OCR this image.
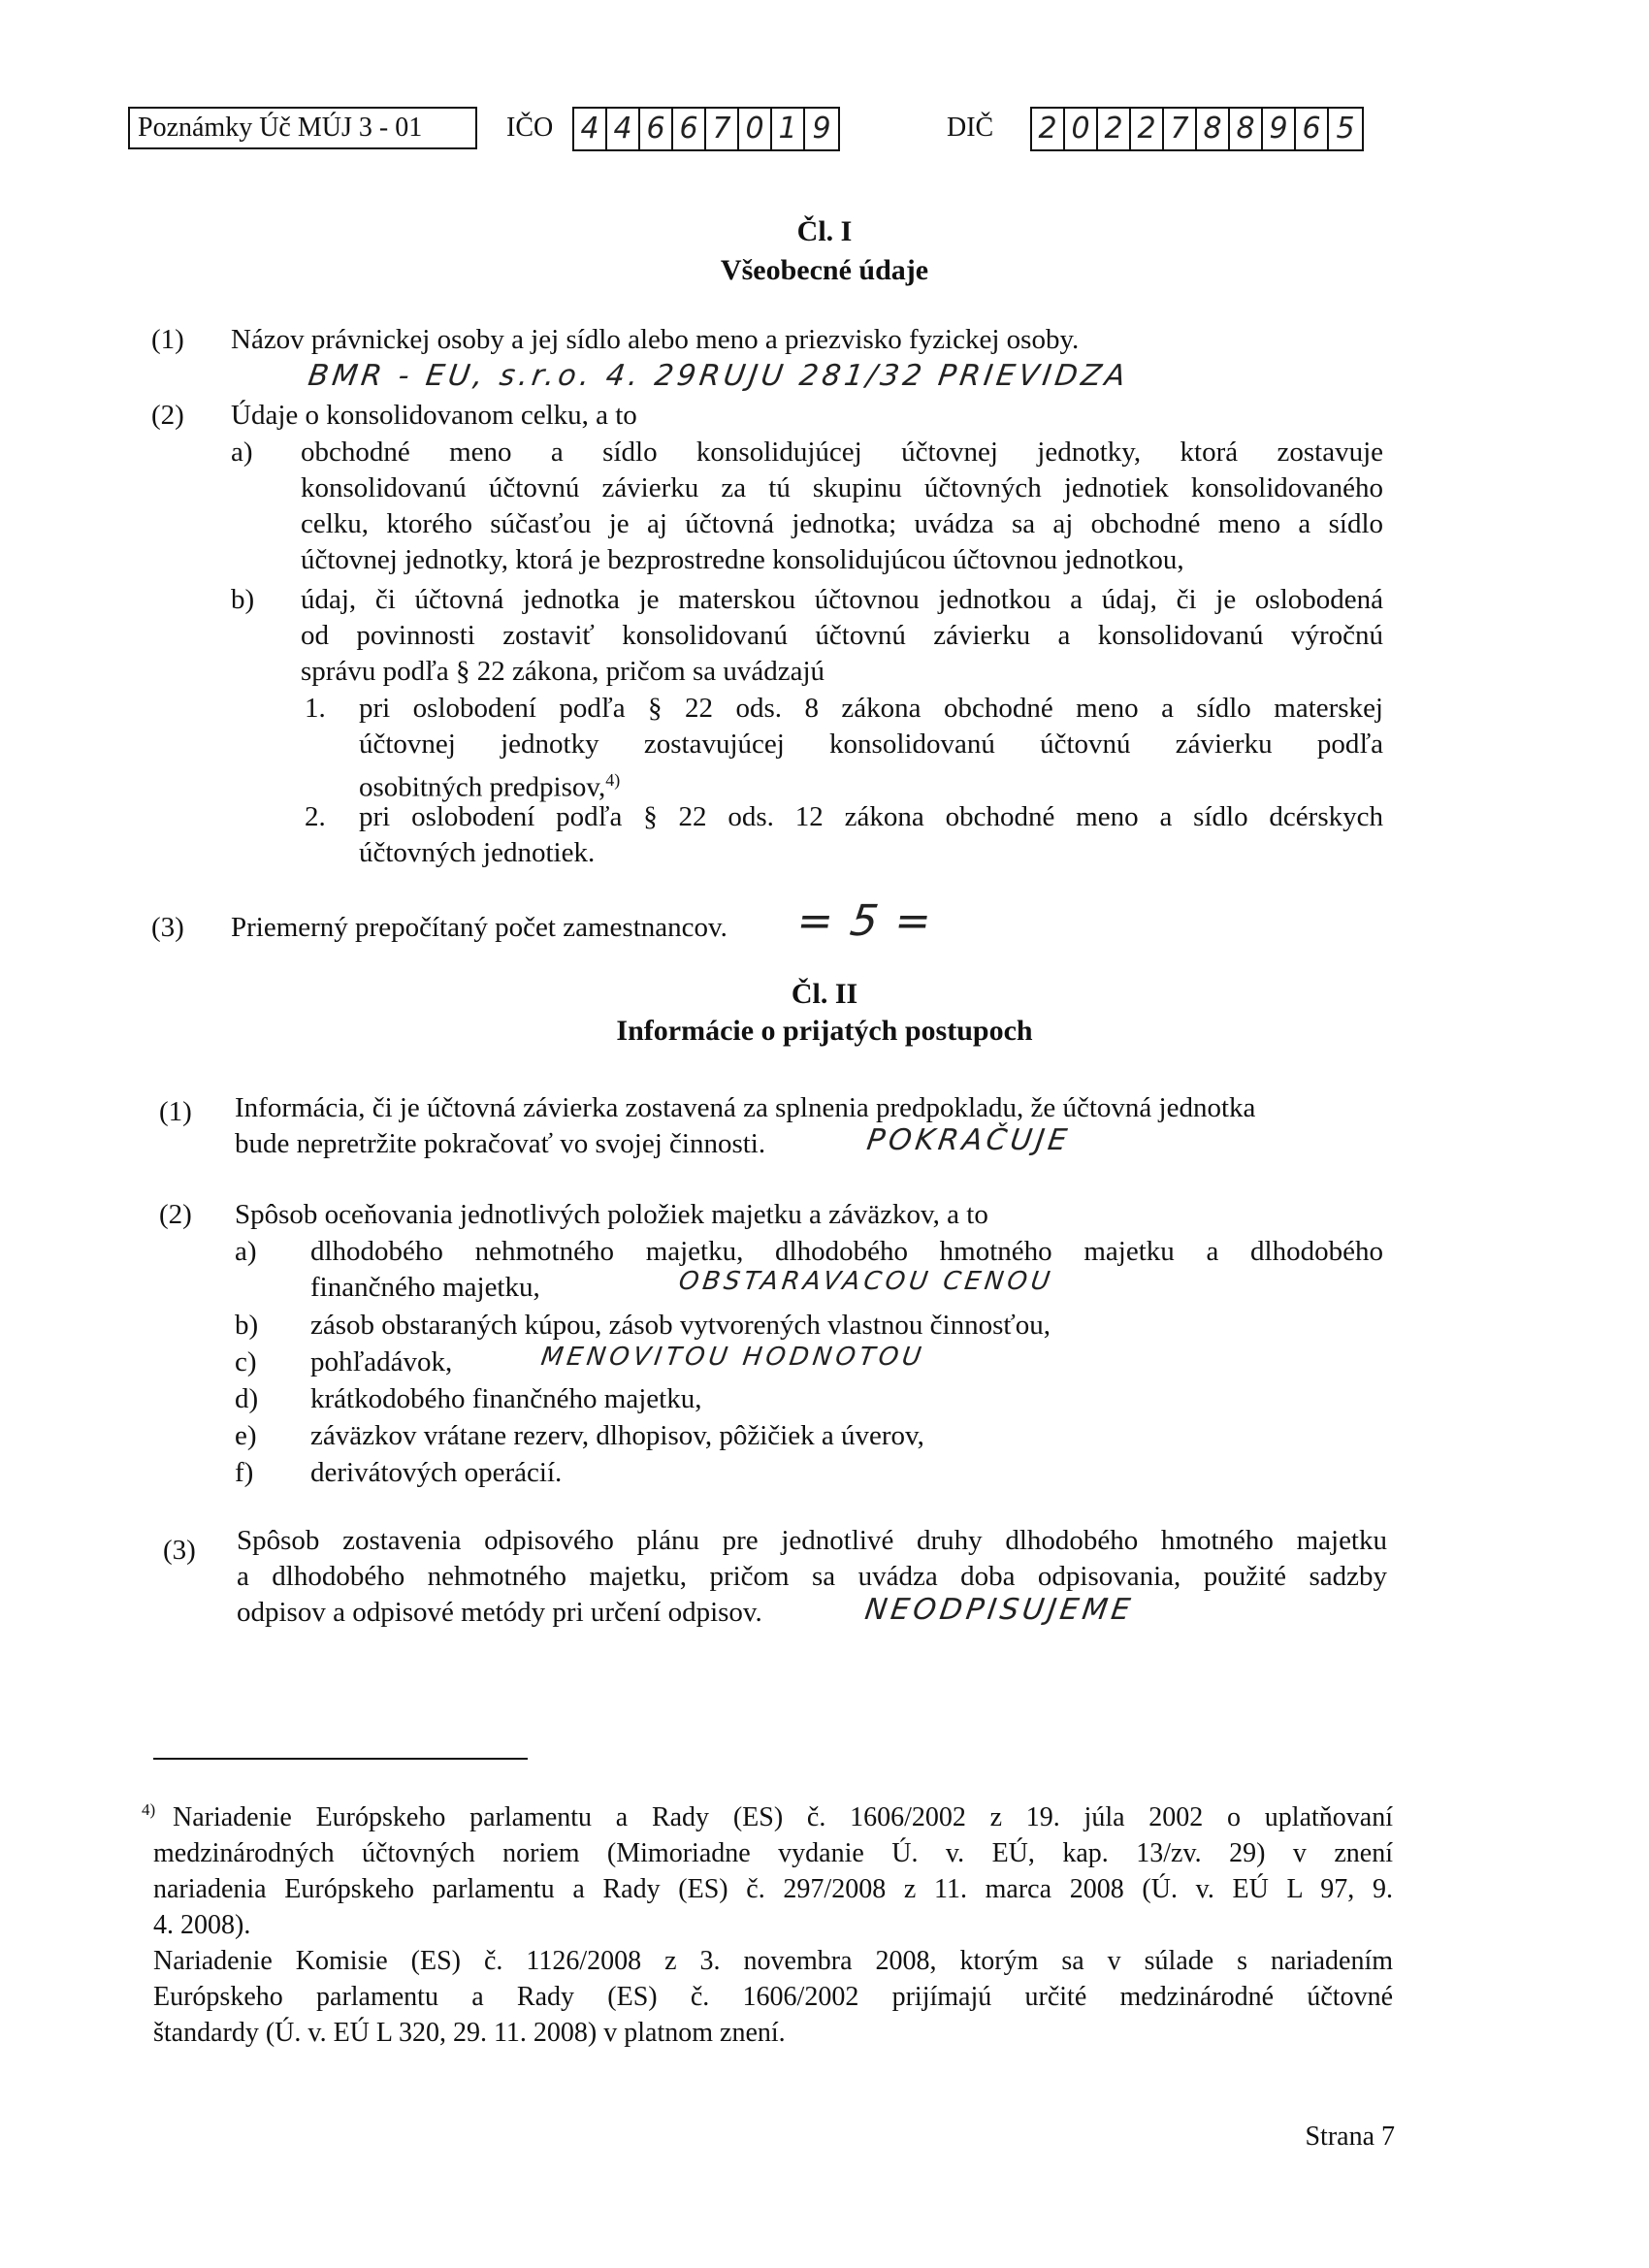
Poznámky Úč MÚJ 3 - 01	IČO 4 4 6 6 7 0 1 9	DIČ 2 0 2 2 7 8 8 9 6 5
Čl. I
Všeobecné údaje
(1) Názov právnickej osoby a jej sídlo alebo meno a priezvisko fyzickej osoby.
BMR - EU, s.r.o. 4. 29RUJU 281/32 PRIEVIDZA
(2) Údaje o konsolidovanom celku, a to
a) obchodné meno a sídlo konsolidujúcej účtovnej jednotky, ktorá zostavuje
konsolidovanú účtovnú závierku za tú skupinu účtovných jednotiek konsolidovaného
celku, ktorého súčasťou je aj účtovná jednotka; uvádza sa aj obchodné meno a sídlo
účtovnej jednotky, ktorá je bezprostredne konsolidujúcou účtovnou jednotkou,
b) údaj, či účtovná jednotka je materskou účtovnou jednotkou a údaj, či je oslobodená
od povinnosti zostaviť konsolidovanú účtovnú závierku a konsolidovanú výročnú
správu podľa § 22 zákona, pričom sa uvádzajú
1. pri oslobodení podľa § 22 ods. 8 zákona obchodné meno a sídlo materskej
účtovnej jednotky zostavujúcej konsolidovanú účtovnú závierku podľa
osobitných predpisov,$^{4)}$
2. pri oslobodení podľa § 22 ods. 12 zákona obchodné meno a sídlo dcérskych
účtovných jednotiek.
(3) Priemerný prepočítaný počet zamestnancov. = 5 =
Čl. II
Informácie o prijatých postupoch
(1) Informácia, či je účtovná závierka zostavená za splnenia predpokladu, že účtovná jednotka
bude nepretržite pokračovať vo svojej činnosti.	POKRAČUJE
(2) Spôsob oceňovania jednotlivých položiek majetku a záväzkov, a to
a) dlhodobého nehmotného majetku, dlhodobého hmotného majetku a dlhodobého
finančného majetku,	OBSTARAVACOU CENOU
b) zásob obstaraných kúpou, zásob vytvorených vlastnou činnosťou,
c) pohľadávok,	MENOVITOU HODNOTOU
d) krátkodobého finančného majetku,
e) záväzkov vrátane rezerv, dlhopisov, pôžičiek a úverov,
f) derivátových operácií.
(3) Spôsob zostavenia odpisového plánu pre jednotlivé druhy dlhodobého hmotného majetku
a dlhodobého nehmotného majetku, pričom sa uvádza doba odpisovania, použité sadzby
odpisov a odpisové metódy pri určení odpisov.	NEODPISUJEME
4) Nariadenie Európskeho parlamentu a Rady (ES) č. 1606/2002 z 19. júla 2002 o uplatňovaní
medzinárodných účtovných noriem (Mimoriadne vydanie Ú. v. EÚ, kap. 13/zv. 29) v znení
nariadenia Európskeho parlamentu a Rady (ES) č. 297/2008 z 11. marca 2008 (Ú. v. EÚ L 97, 9.
4. 2008).
Nariadenie Komisie (ES) č. 1126/2008 z 3. novembra 2008, ktorým sa v súlade s nariadením
Európskeho parlamentu a Rady (ES) č. 1606/2002 prijímajú určité medzinárodné účtovné
štandardy (Ú. v. EÚ L 320, 29. 11. 2008) v platnom znení.
Strana 7
